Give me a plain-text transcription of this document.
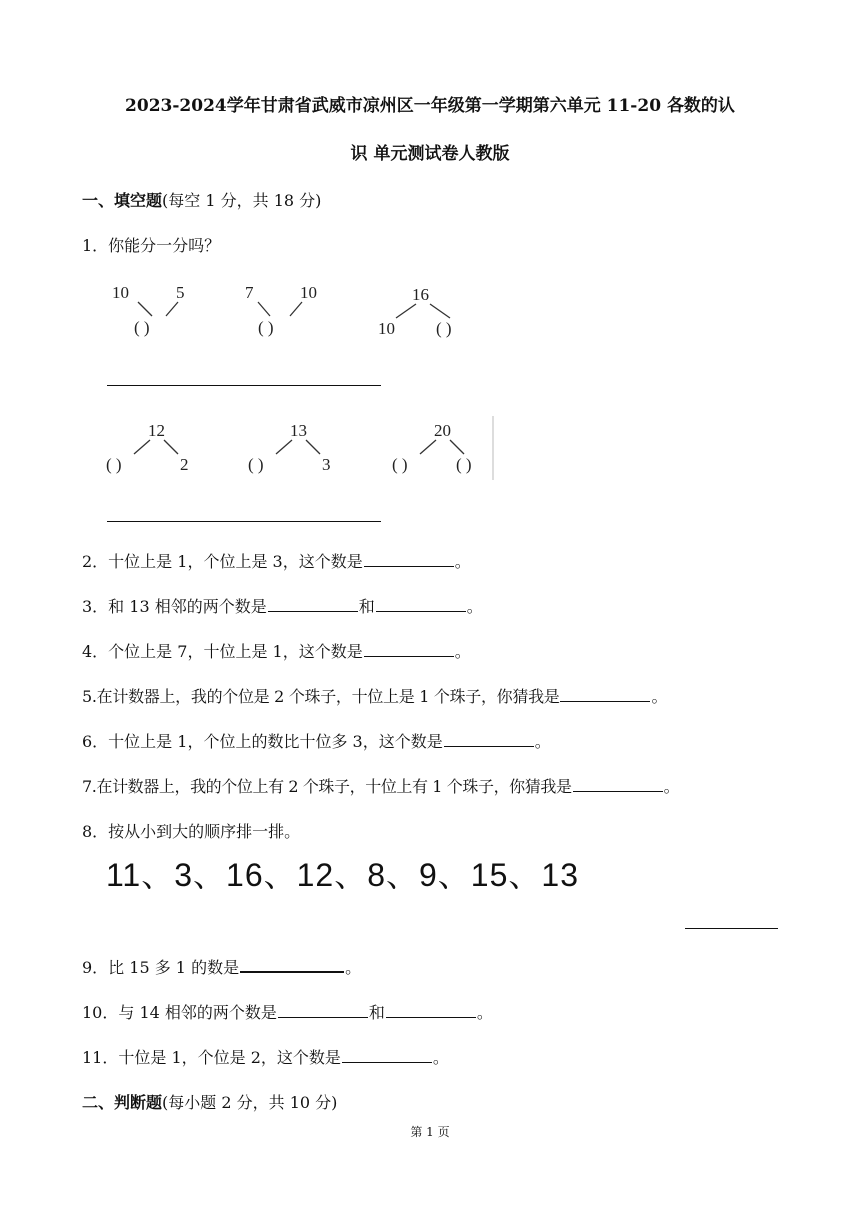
2023-2024学年甘肃省武威市凉州区一年级第一学期第六单元 11-20 各数的认
识 单元测试卷人教版
一、填空题(每空 1 分，共 18 分)
1．你能分一分吗？
10	5
( )
7	10
( )
16
10 ( )
12
( )	2
13
( )	3
20
( )	( )
2．十位上是 1，个位上是 3，这个数是	。
3．和 13 相邻的两个数是	和	。
4．个位上是 7，十位上是 1，这个数是	。
5.在计数器上，我的个位是 2 个珠子，十位上是 1 个珠子，你猜我是	。
6．十位上是 1，个位上的数比十位多 3，这个数是	。
7.在计数器上，我的个位上有 2 个珠子，十位上有 1 个珠子，你猜我是	。
8．按从小到大的顺序排一排。
11、3、16、12、8、9、15、13
9．比 15 多 1 的数是	。
10．与 14 相邻的两个数是	和	。
11．十位是 1，个位是 2，这个数是	。
二、判断题(每小题 2 分，共 10 分)
第 1 页
